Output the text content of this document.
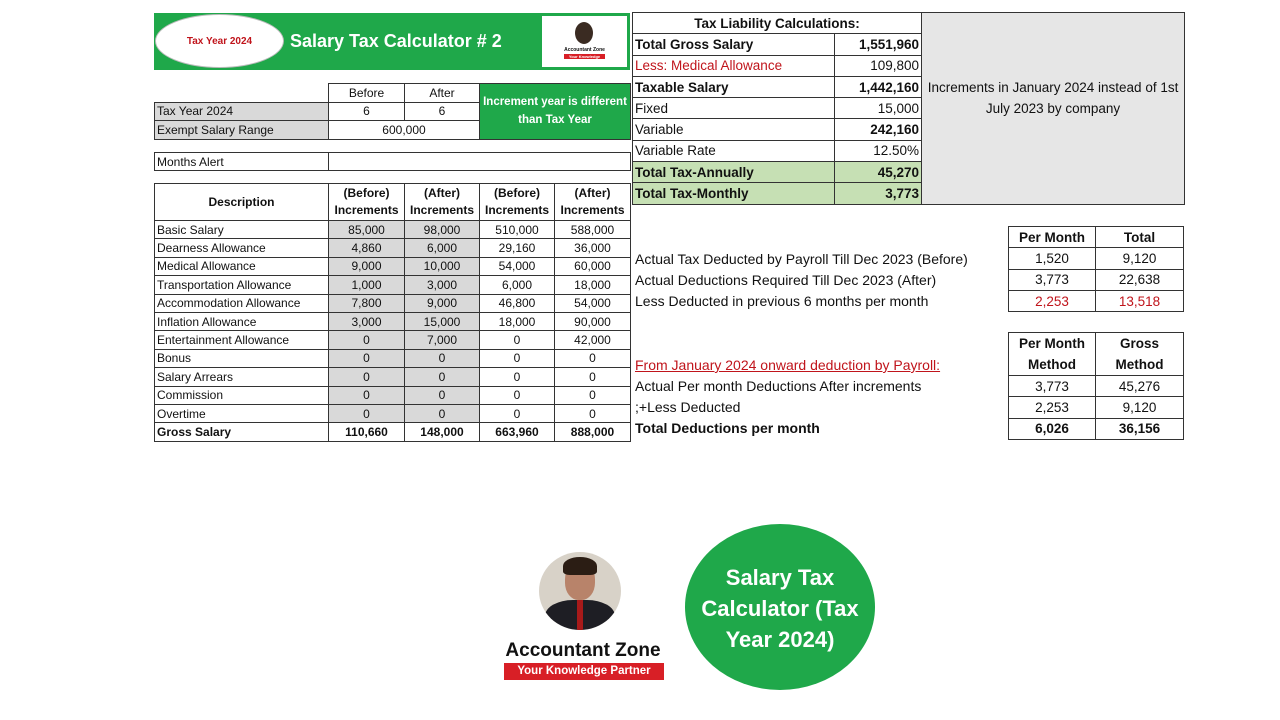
Tax Year 2024 Salary Tax Calculator # 2	Accountant Zone
Your Knowledge Partner
	Before	After	Increment year is different than Tax Year
Tax Year 2024	6	6	
Exempt Salary Range	600,000		
Months Alert	
Description	(Before) Increments	(After) Increments	(Before) Increments	(After) Increments
Basic Salary	85,000	98,000	510,000	588,000
Dearness Allowance	4,860	6,000	29,160	36,000
Medical Allowance	9,000	10,000	54,000	60,000
Transportation Allowance	1,000	3,000	6,000	18,000
Accommodation Allowance	7,800	9,000	46,800	54,000
Inflation Allowance	3,000	15,000	18,000	90,000
Entertainment Allowance	0	7,000	0	42,000
Bonus	0	0	0	0
Salary Arrears	0	0	0	0
Commission	0	0	0	0
Overtime	0	0	0	0
Gross Salary	110,660	148,000	663,960	888,000
Tax Liability Calculations:		Increments in January 2024 instead of 1st July 2023 by company
Total Gross Salary	1,551,960	
Less: Medical Allowance	109,800	
Taxable Salary	1,442,160	
Fixed	15,000	
Variable	242,160	
Variable Rate	12.50%	
Total Tax-Annually	45,270	
Total Tax-Monthly	3,773	
Actual Tax Deducted by Payroll Till Dec 2023 (Before)
Actual Deductions Required Till Dec 2023 (After)
Less Deducted in previous 6 months per month
Per Month	Total
1,520	9,120
3,773	22,638
2,253	13,518
From January 2024 onward deduction by Payroll:
Actual Per month Deductions After increments
;+Less Deducted
Total Deductions per month
Per Month Method	Gross Method
3,773	45,276
2,253	9,120
6,026	36,156
Accountant Zone
Your Knowledge Partner
Salary Tax Calculator (Tax Year 2024)
